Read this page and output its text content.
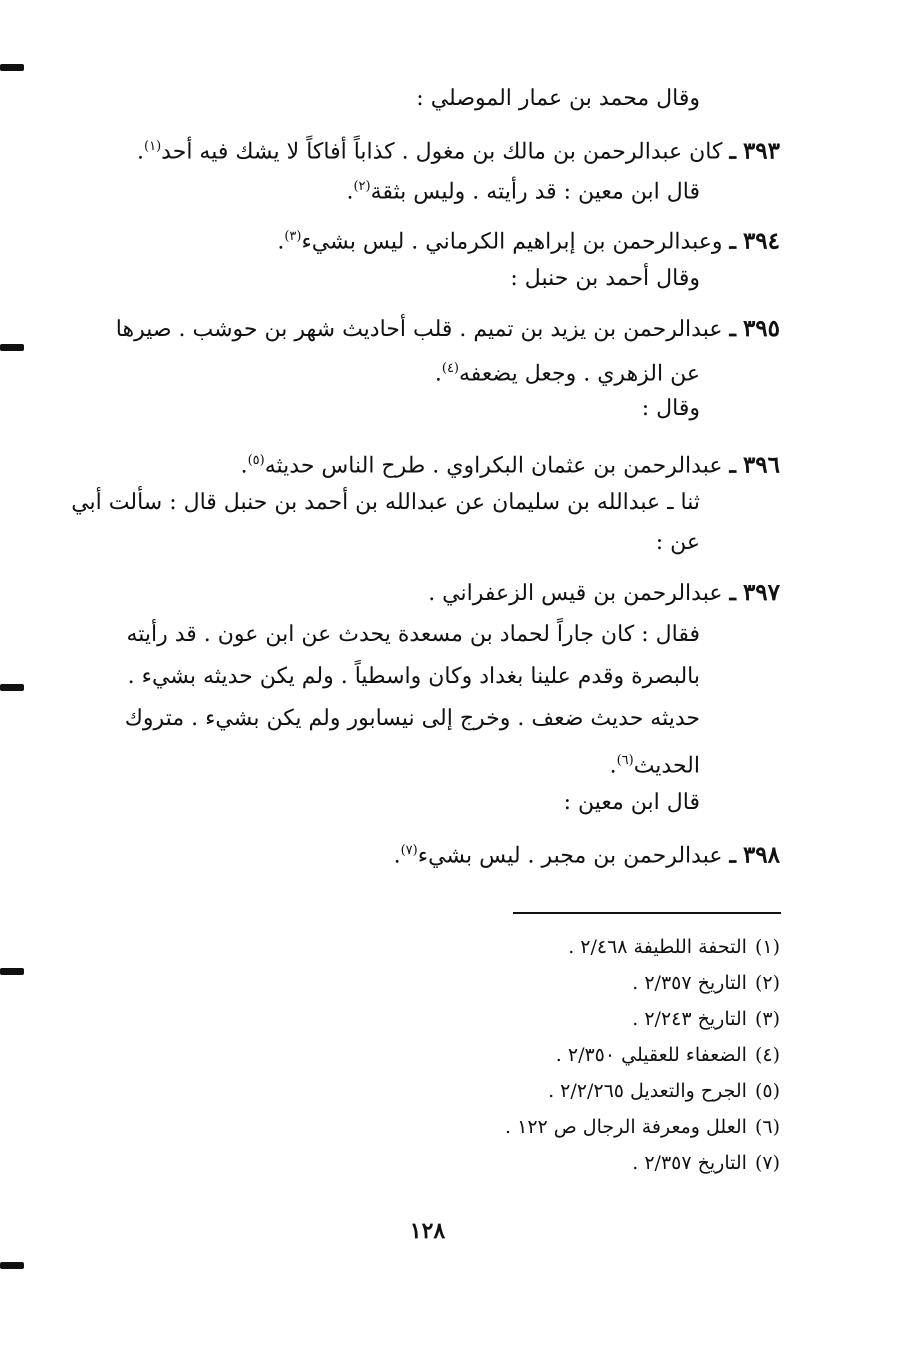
وقال محمد بن عمار الموصلي :
٣٩٣ ـ كان عبدالرحمن بن مالك بن مغول . كذاباً أفاكاً لا يشك فيه أحد$^{(١)}$.
قال ابن معين : قد رأيته . وليس بثقة$^{(٢)}$.
٣٩٤ ـ وعبدالرحمن بن إبراهيم الكرماني . ليس بشيء$^{(٣)}$.
وقال أحمد بن حنبل :
٣٩٥ ـ عبدالرحمن بن يزيد بن تميم . قلب أحاديث شهر بن حوشب . صيرها
عن الزهري . وجعل يضعفه$^{(٤)}$.
وقال :
٣٩٦ ـ عبدالرحمن بن عثمان البكراوي . طرح الناس حديثه$^{(٥)}$.
ثنا ـ عبدالله بن سليمان عن عبدالله بن أحمد بن حنبل قال : سألت أبي
عن :
٣٩٧ ـ عبدالرحمن بن قيس الزعفراني .
فقال : كان جاراً لحماد بن مسعدة يحدث عن ابن عون . قد رأيته
بالبصرة وقدم علينا بغداد وكان واسطياً . ولم يكن حديثه بشيء .
حديثه حديث ضعف . وخرج إلى نيسابور ولم يكن بشيء . متروك
الحديث$^{(٦)}$.
قال ابن معين :
٣٩٨ ـ عبدالرحمن بن مجبر . ليس بشيء$^{(٧)}$.
(١)التحفة اللطيفة ٢/٤٦٨ .
(٢)التاريخ ٢/٣٥٧ .
(٣)التاريخ ٢/٢٤٣ .
(٤)الضعفاء للعقيلي ٢/٣٥٠ .
(٥)الجرح والتعديل ٢/٢/٢٦٥ .
(٦)العلل ومعرفة الرجال ص ١٢٢ .
(٧)التاريخ ٢/٣٥٧ .
١٢٨
